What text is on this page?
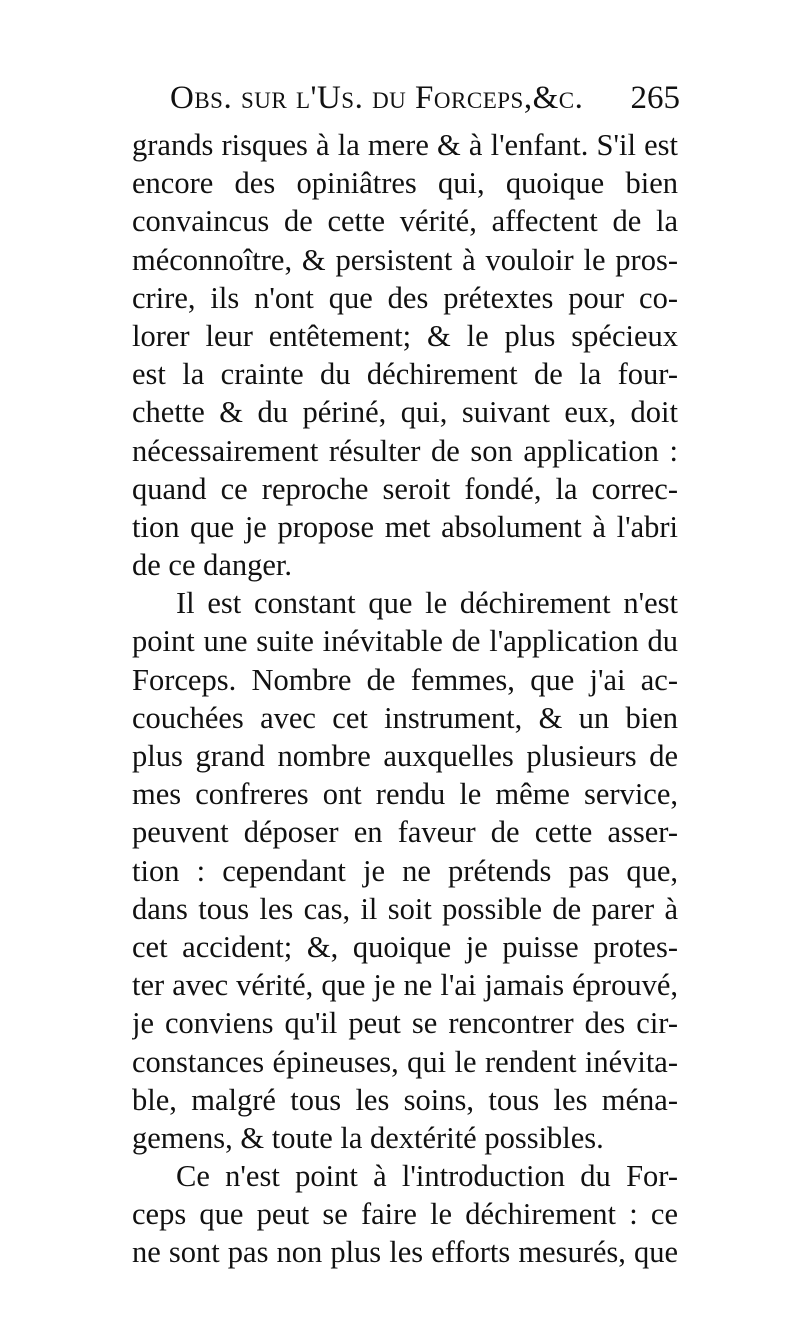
Obs. sur l'Us. du Forceps,&c. 265
grands risques à la mere & à l'enfant. S'il est
encore des opiniâtres qui, quoique bien
convaincus de cette vérité, affectent de la
méconnoître, & persistent à vouloir le pros-
crire, ils n'ont que des prétextes pour co-
lorer leur entêtement; & le plus spécieux
est la crainte du déchirement de la four-
chette & du périné, qui, suivant eux, doit
nécessairement résulter de son application :
quand ce reproche seroit fondé, la correc-
tion que je propose met absolument à l'abri
de ce danger.
Il est constant que le déchirement n'est
point une suite inévitable de l'application du
Forceps. Nombre de femmes, que j'ai ac-
couchées avec cet instrument, & un bien
plus grand nombre auxquelles plusieurs de
mes confreres ont rendu le même service,
peuvent déposer en faveur de cette asser-
tion : cependant je ne prétends pas que,
dans tous les cas, il soit possible de parer à
cet accident; &, quoique je puisse protes-
ter avec vérité, que je ne l'ai jamais éprouvé,
je conviens qu'il peut se rencontrer des cir-
constances épineuses, qui le rendent inévita-
ble, malgré tous les soins, tous les ména-
gemens, & toute la dextérité possibles.
Ce n'est point à l'introduction du For-
ceps que peut se faire le déchirement : ce
ne sont pas non plus les efforts mesurés, que
